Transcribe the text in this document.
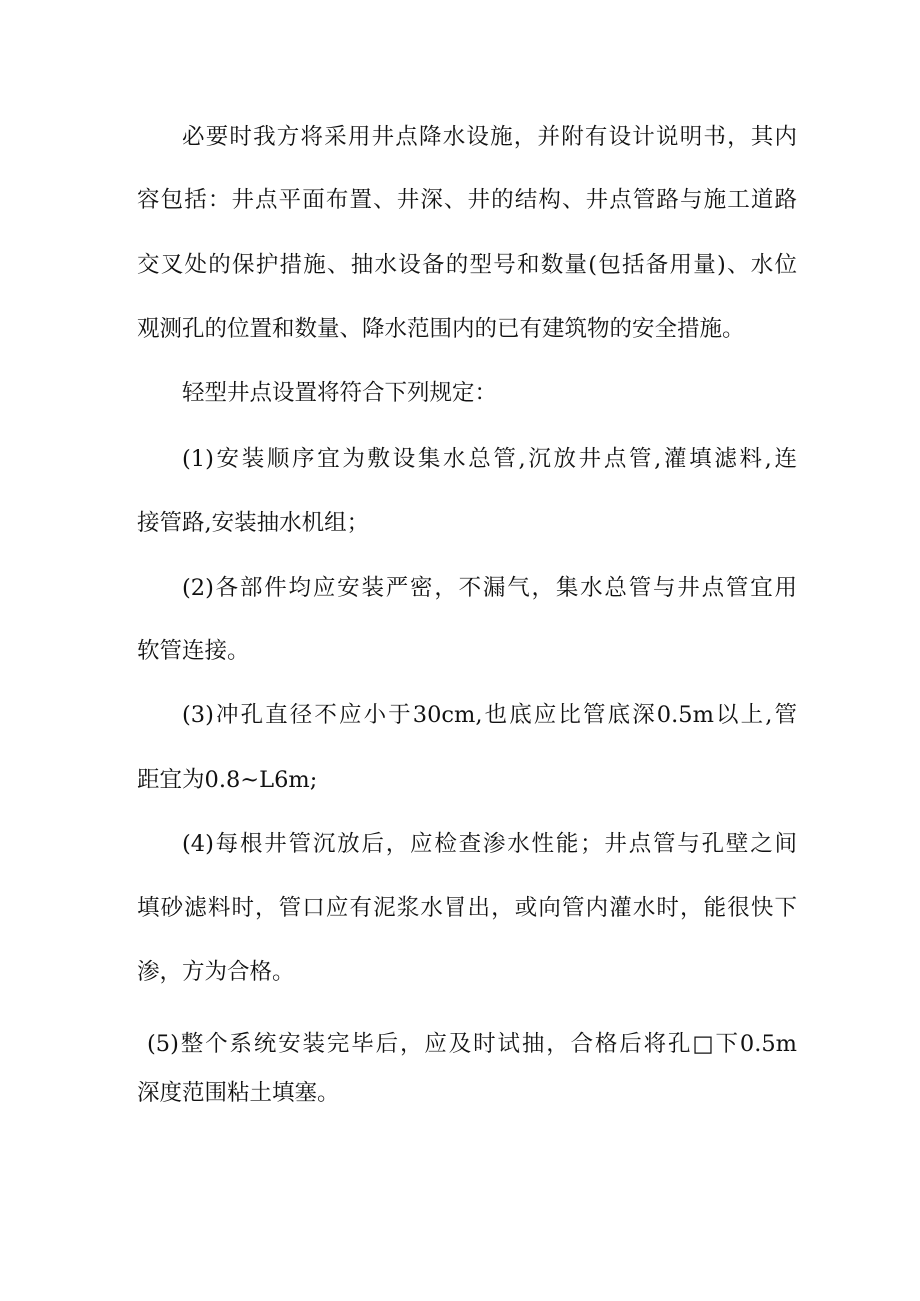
必要时我方将采用井点降水设施，并附有设计说明书，其内
容包括：井点平面布置、井深、井的结构、井点管路与施工道路
交叉处的保护措施、抽水设备的型号和数量(包括备用量)、水位
观测孔的位置和数量、降水范围内的已有建筑物的安全措施。
轻型井点设置将符合下列规定：
(1)安装顺序宜为敷设集水总管,沉放井点管,灌填滤料,连
接管路,安装抽水机组；
(2)各部件均应安装严密，不漏气，集水总管与井点管宜用
软管连接。
(3)冲孔直径不应小于30cm,也底应比管底深0.5m以上,管
距宜为0.8~L6m;
(4)每根井管沉放后，应检查渗水性能；井点管与孔壁之间
填砂滤料时，管口应有泥浆水冒出，或向管内灌水时，能很快下
渗，方为合格。
(5)整个系统安装完毕后，应及时试抽，合格后将孔□下0.5m
深度范围粘土填塞。
